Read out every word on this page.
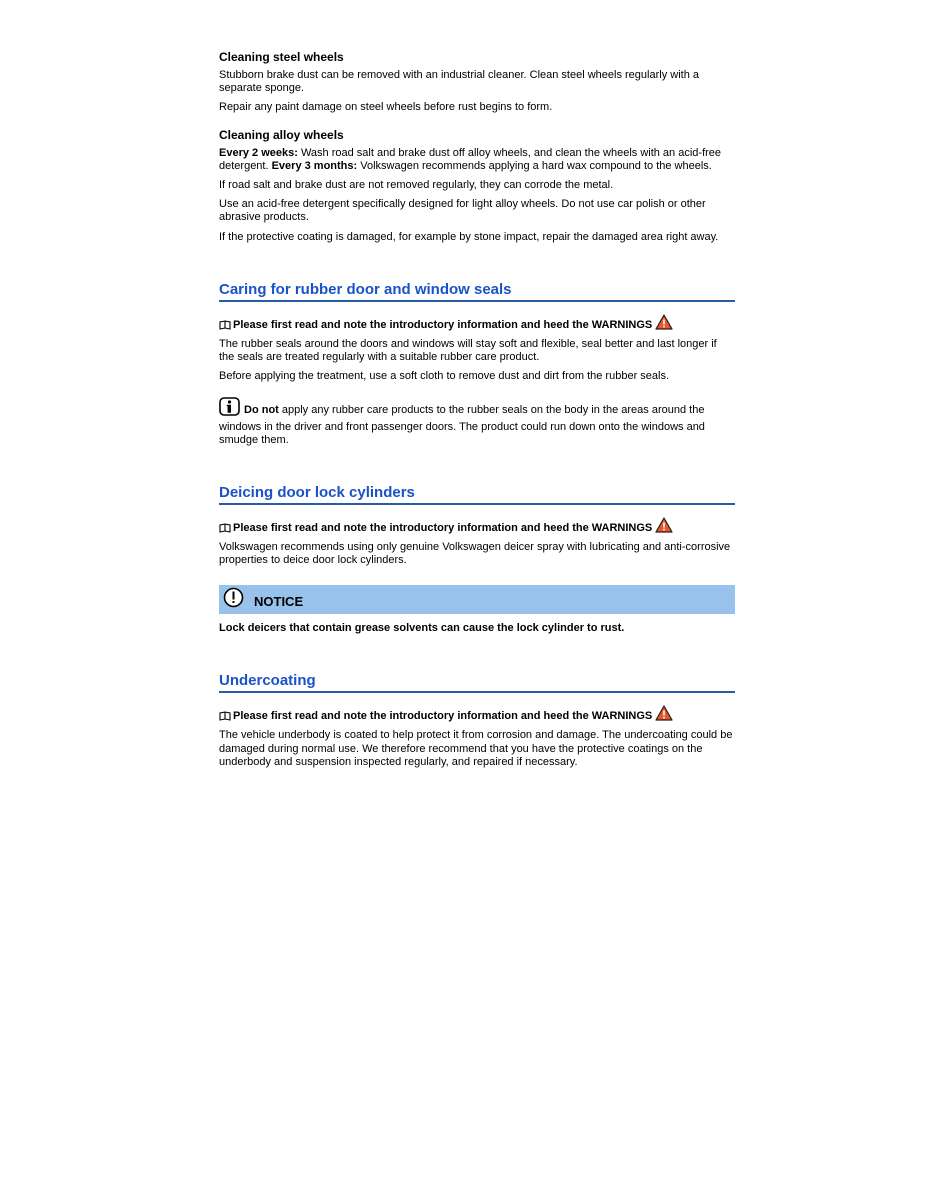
Cleaning steel wheels

Stubborn brake dust can be removed with an industrial cleaner. Clean steel wheels regularly with a separate sponge.

Repair any paint damage on steel wheels before rust begins to form.

Cleaning alloy wheels

Every 2 weeks: Wash road salt and brake dust off alloy wheels, and clean the wheels with an acid-free detergent. Every 3 months: Volkswagen recommends applying a hard wax compound to the wheels.

If road salt and brake dust are not removed regularly, they can corrode the metal.

Use an acid-free detergent specifically designed for light alloy wheels. Do not use car polish or other abrasive products.

If the protective coating is damaged, for example by stone impact, repair the damaged area right away.

Caring for rubber door and window seals

Please first read and note the introductory information and heed the WARNINGS

The rubber seals around the doors and windows will stay soft and flexible, seal better and last longer if the seals are treated regularly with a suitable rubber care product.

Before applying the treatment, use a soft cloth to remove dust and dirt from the rubber seals.

Do not apply any rubber care products to the rubber seals on the body in the areas around the windows in the driver and front passenger doors. The product could run down onto the windows and smudge them.

Deicing door lock cylinders

Please first read and note the introductory information and heed the WARNINGS

Volkswagen recommends using only genuine Volkswagen deicer spray with lubricating and anti-corrosive properties to deice door lock cylinders.

NOTICE

Lock deicers that contain grease solvents can cause the lock cylinder to rust.

Undercoating

Please first read and note the introductory information and heed the WARNINGS

The vehicle underbody is coated to help protect it from corrosion and damage. The undercoating could be damaged during normal use. We therefore recommend that you have the protective coatings on the underbody and suspension inspected regularly, and repaired if necessary.
